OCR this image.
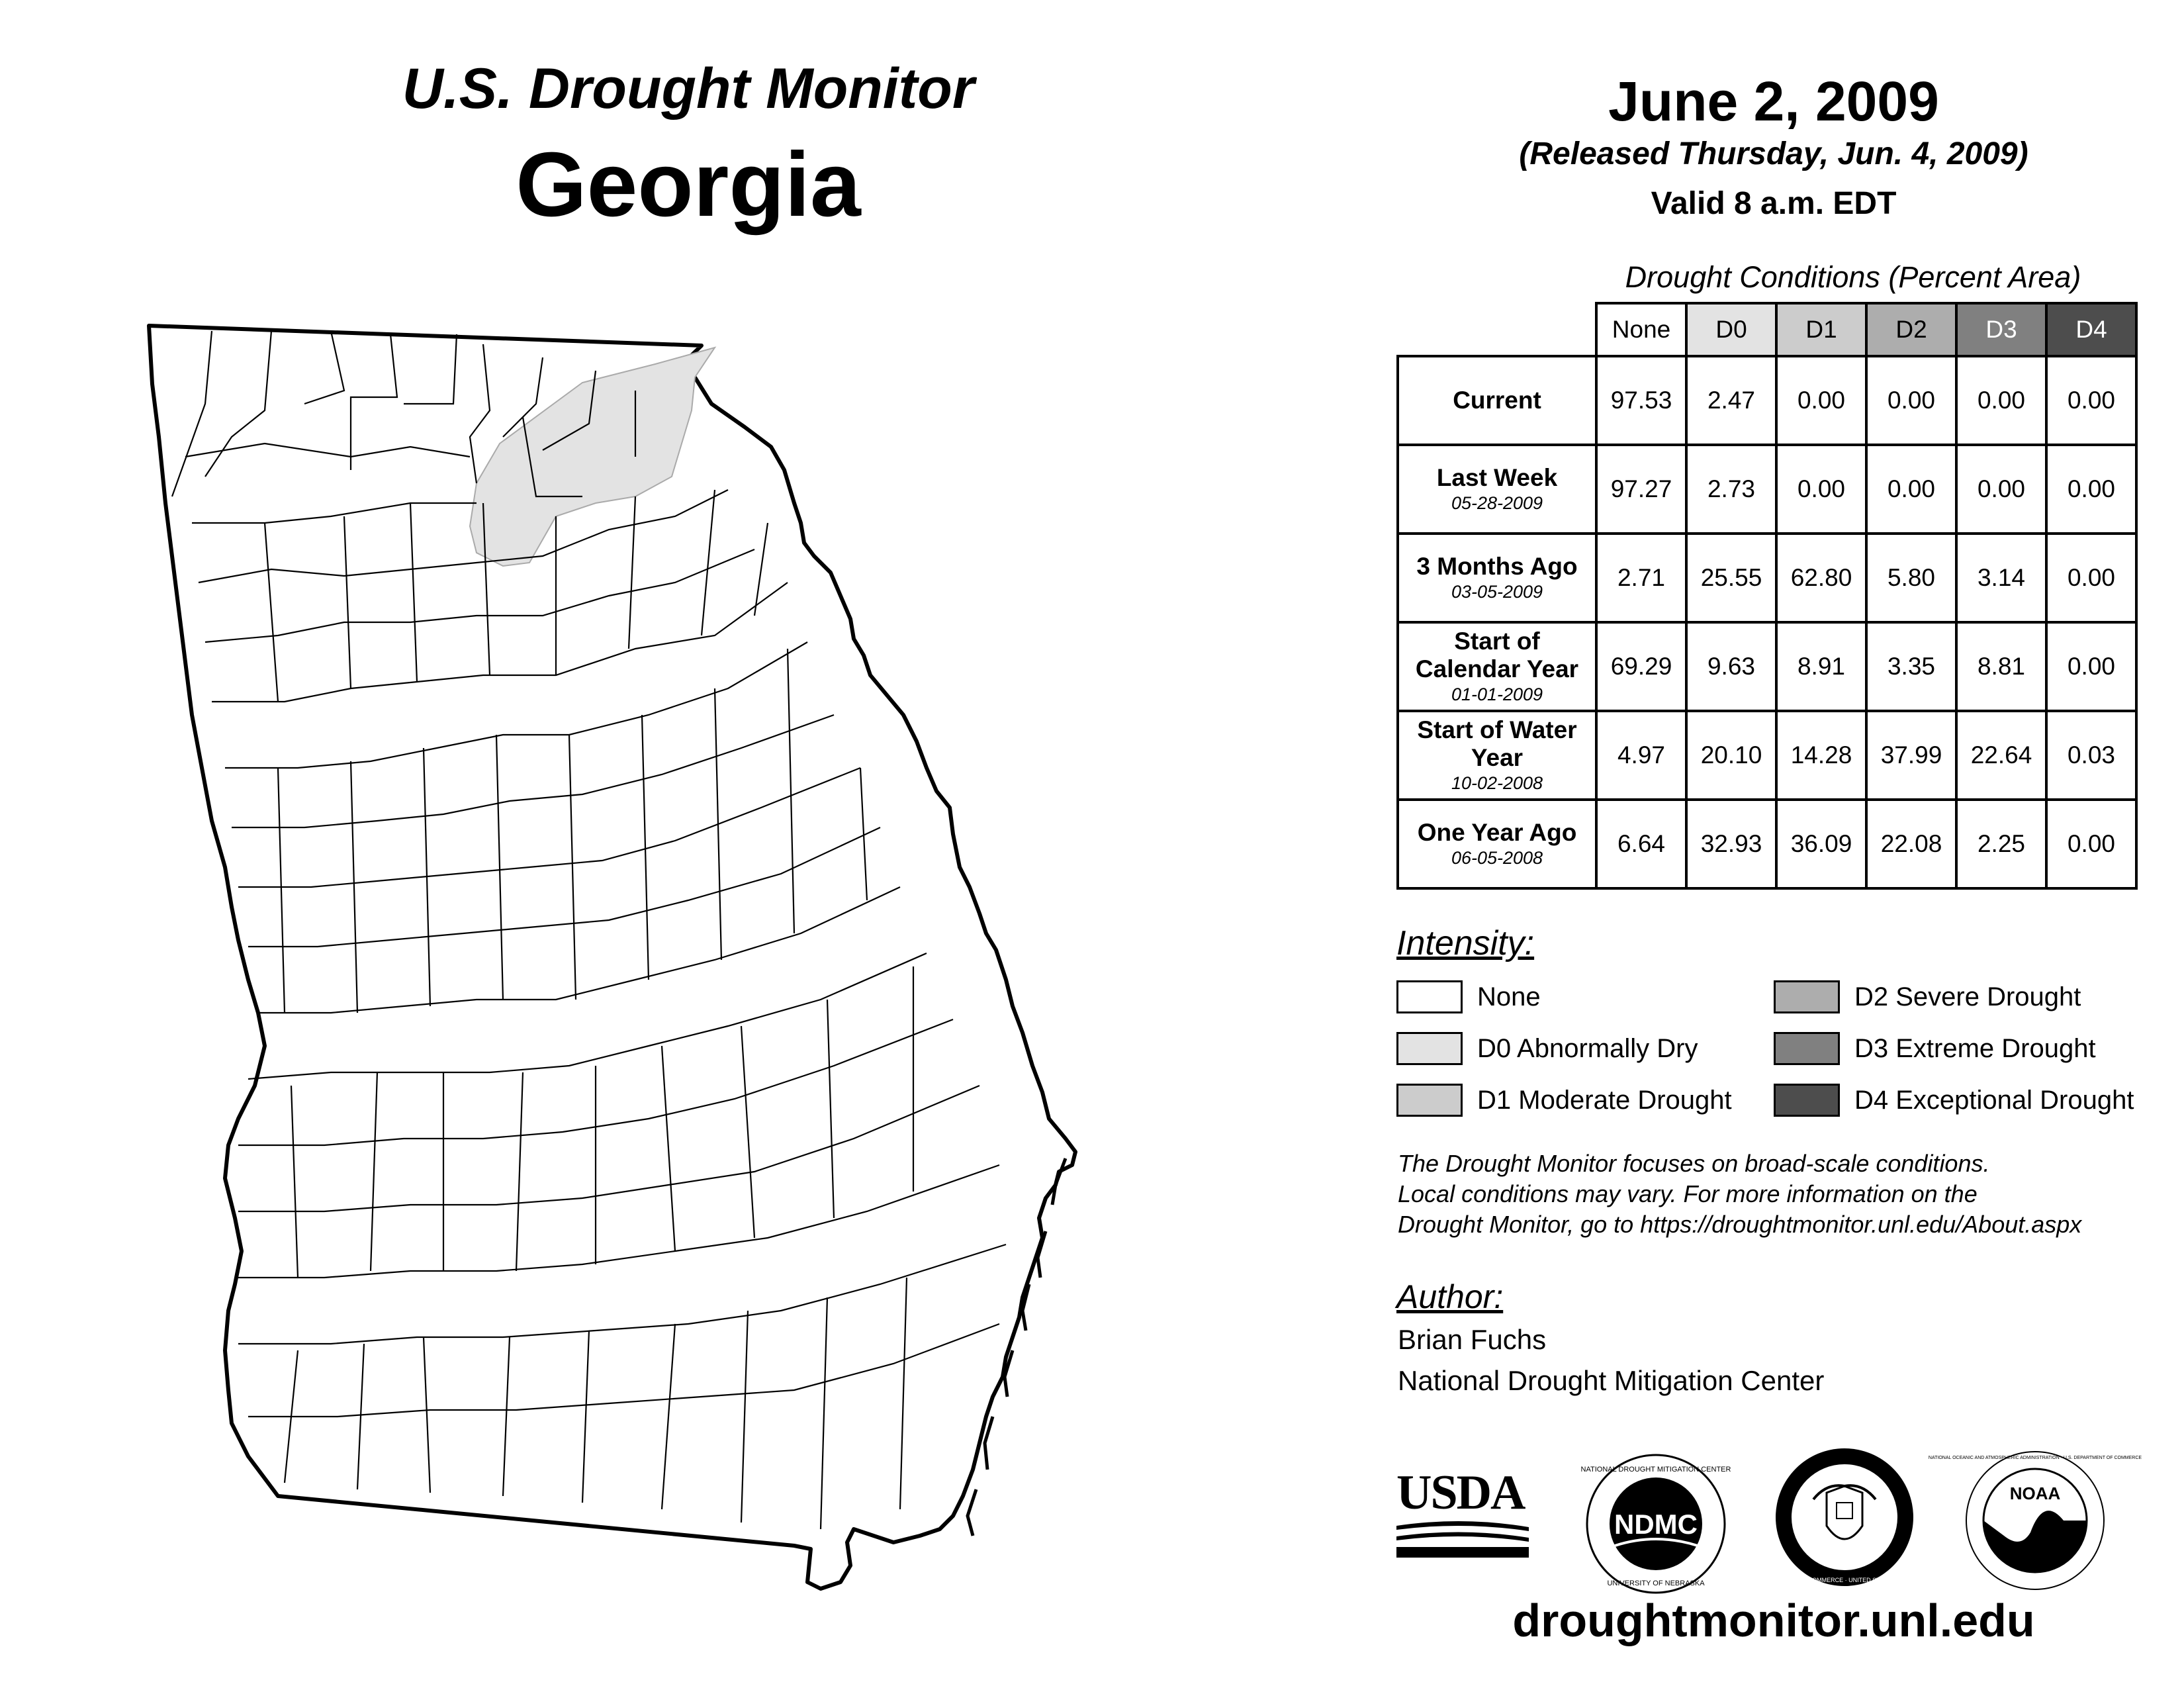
U.S. Drought Monitor
Georgia
June 2, 2009
(Released Thursday, Jun. 4, 2009)
Valid 8 a.m. EDT
Drought Conditions (Percent Area)
	None	D0	D1	D2	D3	D4
Current	97.53	2.47	0.00	0.00	0.00	0.00
Last Week
05-28-2009	97.27	2.73	0.00	0.00	0.00	0.00
3 Months Ago
03-05-2009	2.71	25.55	62.80	5.80	3.14	0.00
Start of Calendar Year
01-01-2009	69.29	9.63	8.91	3.35	8.81	0.00
Start of Water Year
10-02-2008	4.97	20.10	14.28	37.99	22.64	0.03
One Year Ago
06-05-2008	6.64	32.93	36.09	22.08	2.25	0.00
Intensity:
None
D0 Abnormally Dry
D1 Moderate Drought
D2 Severe Drought
D3 Extreme Drought
D4 Exceptional Drought
The Drought Monitor focuses on broad-scale conditions.
Local conditions may vary. For more information on the
Drought Monitor, go to https://droughtmonitor.unl.edu/About.aspx
Author:
Brian Fuchs
National Drought Mitigation Center
USDA
NDMC
NATIONAL DROUGHT MITIGATION CENTER
UNIVERSITY OF NEBRASKA	DEPARTMENT OF COMMERCE · UNITED STATES OF AMERICA
NOAA
NATIONAL OCEANIC AND ATMOSPHERIC ADMINISTRATION · U.S. DEPARTMENT OF COMMERCE
droughtmonitor.unl.edu
